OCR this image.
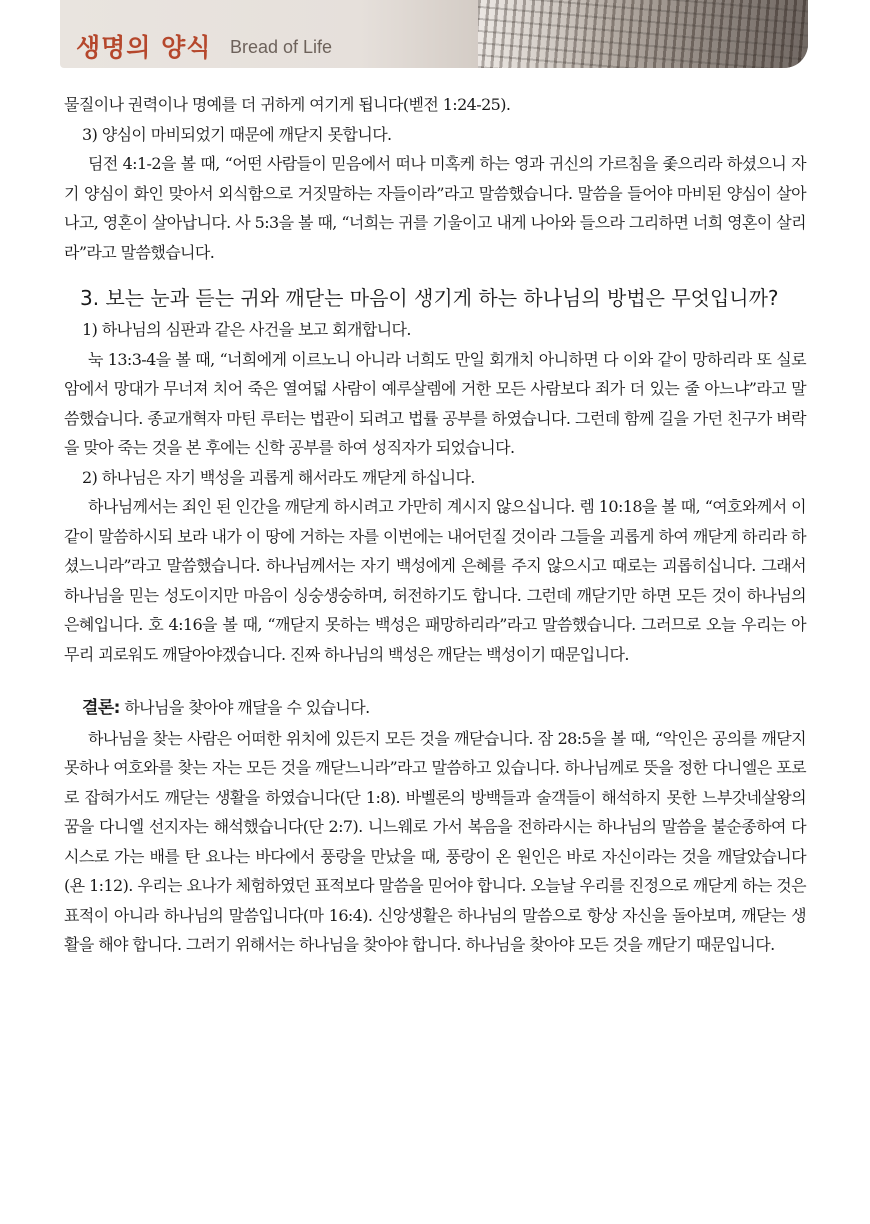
생명의 양식 Bread of Life

물질이나 권력이나 명예를 더 귀하게 여기게 됩니다(벧전 1:24-25).

3) 양심이 마비되었기 때문에 깨닫지 못합니다.

딤전 4:1-2을 볼 때, “어떤 사람들이 믿음에서 떠나 미혹케 하는 영과 귀신의 가르침을 좇으리라 하셨으니 자기 양심이 화인 맞아서 외식함으로 거짓말하는 자들이라”라고 말씀했습니다. 말씀을 들어야 마비된 양심이 살아나고, 영혼이 살아납니다. 사 5:3을 볼 때, “너희는 귀를 기울이고 내게 나아와 들으라 그리하면 너희 영혼이 살리라”라고 말씀했습니다.

3. 보는 눈과 듣는 귀와 깨닫는 마음이 생기게 하는 하나님의 방법은 무엇입니까?

1) 하나님의 심판과 같은 사건을 보고 회개합니다.

눅 13:3-4을 볼 때, “너희에게 이르노니 아니라 너희도 만일 회개치 아니하면 다 이와 같이 망하리라 또 실로암에서 망대가 무너져 치어 죽은 열여덟 사람이 예루살렘에 거한 모든 사람보다 죄가 더 있는 줄 아느냐”라고 말씀했습니다. 종교개혁자 마틴 루터는 법관이 되려고 법률 공부를 하였습니다. 그런데 함께 길을 가던 친구가 벼락을 맞아 죽는 것을 본 후에는 신학 공부를 하여 성직자가 되었습니다.

2) 하나님은 자기 백성을 괴롭게 해서라도 깨닫게 하십니다.

하나님께서는 죄인 된 인간을 깨닫게 하시려고 가만히 계시지 않으십니다. 렘 10:18을 볼 때, “여호와께서 이같이 말씀하시되 보라 내가 이 땅에 거하는 자를 이번에는 내어던질 것이라 그들을 괴롭게 하여 깨닫게 하리라 하셨느니라”라고 말씀했습니다. 하나님께서는 자기 백성에게 은혜를 주지 않으시고 때로는 괴롭히십니다. 그래서 하나님을 믿는 성도이지만 마음이 싱숭생숭하며, 허전하기도 합니다. 그런데 깨닫기만 하면 모든 것이 하나님의 은혜입니다. 호 4:16을 볼 때, “깨닫지 못하는 백성은 패망하리라”라고 말씀했습니다. 그러므로 오늘 우리는 아무리 괴로워도 깨달아야겠습니다. 진짜 하나님의 백성은 깨닫는 백성이기 때문입니다.

결론: 하나님을 찾아야 깨달을 수 있습니다.

하나님을 찾는 사람은 어떠한 위치에 있든지 모든 것을 깨닫습니다. 잠 28:5을 볼 때, “악인은 공의를 깨닫지 못하나 여호와를 찾는 자는 모든 것을 깨닫느니라”라고 말씀하고 있습니다. 하나님께로 뜻을 정한 다니엘은 포로로 잡혀가서도 깨닫는 생활을 하였습니다(단 1:8). 바벨론의 방백들과 술객들이 해석하지 못한 느부갓네살왕의 꿈을 다니엘 선지자는 해석했습니다(단 2:7). 니느웨로 가서 복음을 전하라시는 하나님의 말씀을 불순종하여 다시스로 가는 배를 탄 요나는 바다에서 풍랑을 만났을 때, 풍랑이 온 원인은 바로 자신이라는 것을 깨달았습니다(욘 1:12). 우리는 요나가 체험하였던 표적보다 말씀을 믿어야 합니다. 오늘날 우리를 진정으로 깨닫게 하는 것은 표적이 아니라 하나님의 말씀입니다(마 16:4). 신앙생활은 하나님의 말씀으로 항상 자신을 돌아보며, 깨닫는 생활을 해야 합니다. 그러기 위해서는 하나님을 찾아야 합니다. 하나님을 찾아야 모든 것을 깨닫기 때문입니다.
